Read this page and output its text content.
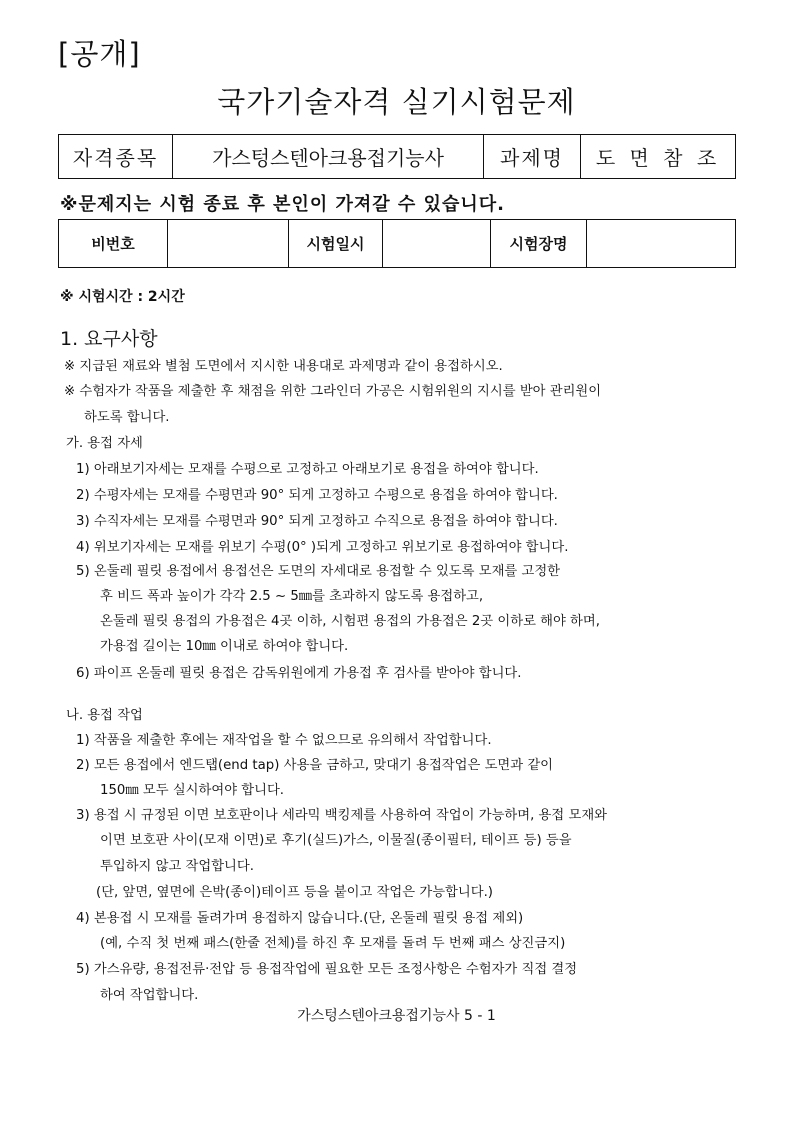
[공개]
국가기술자격 실기시험문제
자격종목	가스텅스텐아크용접기능사	과제명	도 면 참 조
※문제지는 시험 종료 후 본인이 가져갈 수 있습니다.
비번호		시험일시		시험장명	
※ 시험시간 : 2시간
1. 요구사항
※ 지급된 재료와 별첨 도면에서 지시한 내용대로 과제명과 같이 용접하시오.
※ 수험자가 작품을 제출한 후 채점을 위한 그라인더 가공은 시험위원의 지시를 받아 관리원이
하도록 합니다.
가. 용접 자세
1) 아래보기자세는 모재를 수평으로 고정하고 아래보기로 용접을 하여야 합니다.
2) 수평자세는 모재를 수평면과 90° 되게 고정하고 수평으로 용접을 하여야 합니다.
3) 수직자세는 모재를 수평면과 90° 되게 고정하고 수직으로 용접을 하여야 합니다.
4) 위보기자세는 모재를 위보기 수평(0° )되게 고정하고 위보기로 용접하여야 합니다.
5) 온둘레 필릿 용접에서 용접선은 도면의 자세대로 용접할 수 있도록 모재를 고정한
후 비드 폭과 높이가 각각 2.5 ~ 5㎜를 초과하지 않도록 용접하고,
온둘레 필릿 용접의 가용접은 4곳 이하, 시험편 용접의 가용접은 2곳 이하로 해야 하며,
가용접 길이는 10㎜ 이내로 하여야 합니다.
6) 파이프 온둘레 필릿 용접은 감독위원에게 가용접 후 검사를 받아야 합니다.
나. 용접 작업
1) 작품을 제출한 후에는 재작업을 할 수 없으므로 유의해서 작업합니다.
2) 모든 용접에서 엔드탭(end tap) 사용을 금하고, 맞대기 용접작업은 도면과 같이
150㎜ 모두 실시하여야 합니다.
3) 용접 시 규정된 이면 보호판이나 세라믹 백킹제를 사용하여 작업이 가능하며, 용접 모재와
이면 보호판 사이(모재 이면)로 후기(실드)가스, 이물질(종이필터, 테이프 등) 등을
투입하지 않고 작업합니다.
(단, 앞면, 옆면에 은박(종이)테이프 등을 붙이고 작업은 가능합니다.)
4) 본용접 시 모재를 돌려가며 용접하지 않습니다.(단, 온둘레 필릿 용접 제외)
(예, 수직 첫 번째 패스(한줄 전체)를 하진 후 모재를 돌려 두 번째 패스 상진금지)
5) 가스유량, 용접전류·전압 등 용접작업에 필요한 모든 조정사항은 수험자가 직접 결정
하여 작업합니다.
가스텅스텐아크용접기능사 5 - 1
